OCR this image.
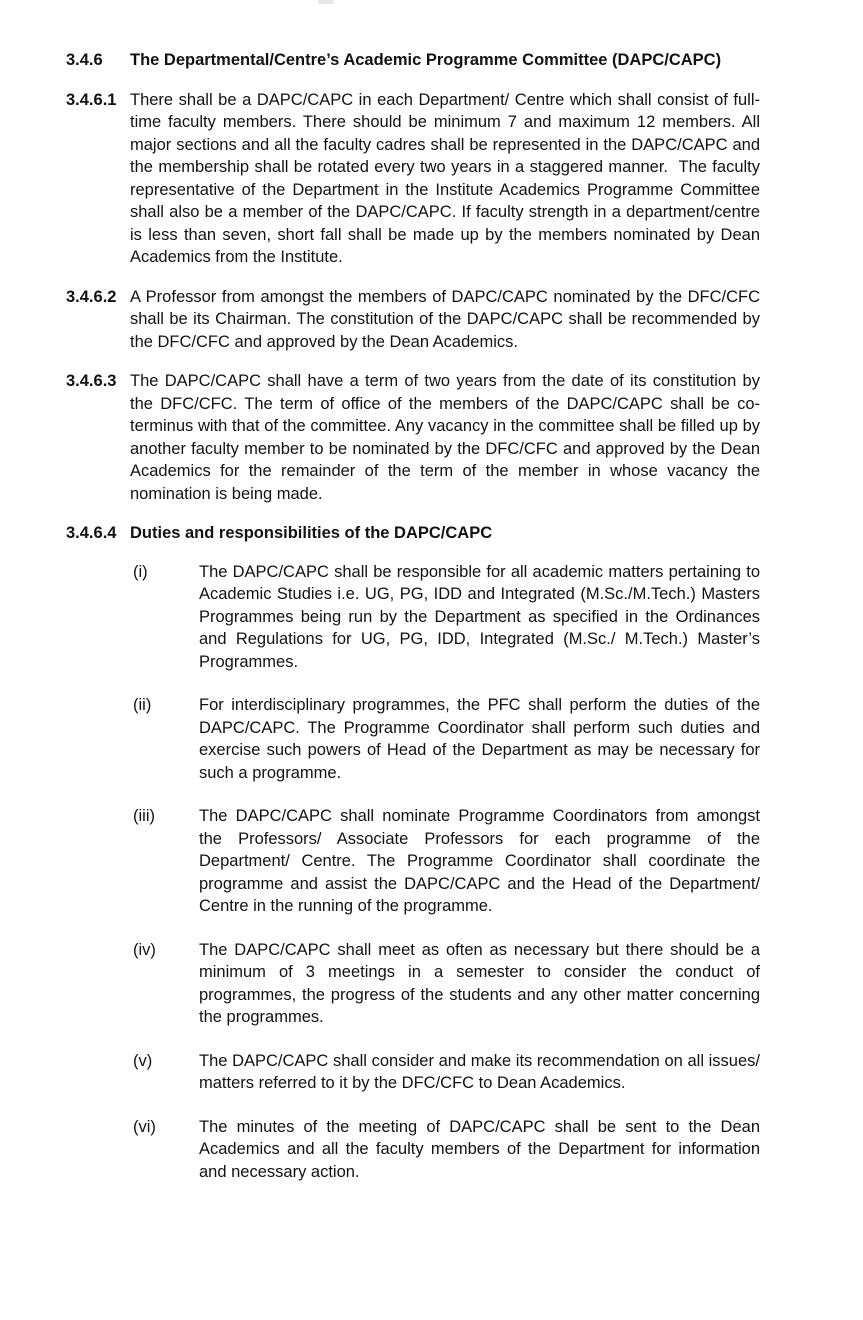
3.4.6	The Departmental/Centre’s Academic Programme Committee (DAPC/​CAPC)
3.4.6.1 There shall be a DAPC/CAPC in each Department/ Centre which shall consist of full-time faculty members. There should be minimum 7 and maximum 12 members. All major sections and all the faculty cadres shall be represented in the DAPC/CAPC and the membership shall be rotated every two years in a staggered manner.  The faculty representative of the Department in the Institute Academics Programme Committee shall also be a member of the DAPC/CAPC. If faculty strength in a department/centre is less than seven, short fall shall be made up by the members nominated by Dean Academics from the Institute.
3.4.6.2 A Professor from amongst the members of DAPC/CAPC nominated by the DFC/CFC shall be its Chairman. The constitution of the DAPC/CAPC shall be recommended by the DFC/CFC and approved by the Dean Academics.
3.4.6.3 The DAPC/CAPC shall have a term of two years from the date of its constitution by the DFC/CFC. The term of office of the members of the DAPC/CAPC shall be co-terminus with that of the committee. Any vacancy in the committee shall be filled up by another faculty member to be nominated by the DFC/​CFC and approved by the Dean Academics for the remainder of the term of the member in whose vacancy the nomination is being made.
3.4.6.4 Duties and responsibilities of the DAPC/CAPC
(i)	The DAPC/CAPC shall be responsible for all academic matters pertaining to Academic Studies i.e. UG, PG, IDD and Integrated (M.Sc./M.Tech.) Masters Programmes being run by the Department as specified in the Ordinances and Regulations for UG, PG, IDD, Integrated (M.Sc./ M.Tech.) Master’s Programmes.
(ii)	For interdisciplinary programmes, the PFC shall perform the duties of the DAPC/CAPC. The Programme Coordinator shall perform such duties and exercise such powers of Head of the Department as may be necessary for such a programme.
(iii)	The DAPC/CAPC shall nominate Programme Coordinators from amongst the Professors/ Associate Professors for each programme of the Department/ Centre. The Programme Coordinator shall coordinate the programme and assist the DAPC/CAPC and the Head of the Department/ Centre in the running of the programme.
(iv)	The DAPC/CAPC shall meet as often as necessary but there should be a minimum of 3 meetings in a semester to consider the conduct of programmes, the progress of the students and any other matter concerning the programmes.
(v)	The DAPC/CAPC shall consider and make its recommendation on all issues/ matters referred to it by the DFC/CFC to Dean Academics.
(vi)	The minutes of the meeting of DAPC/CAPC shall be sent to the Dean Academics and all the faculty members of the Department for information and necessary action.
